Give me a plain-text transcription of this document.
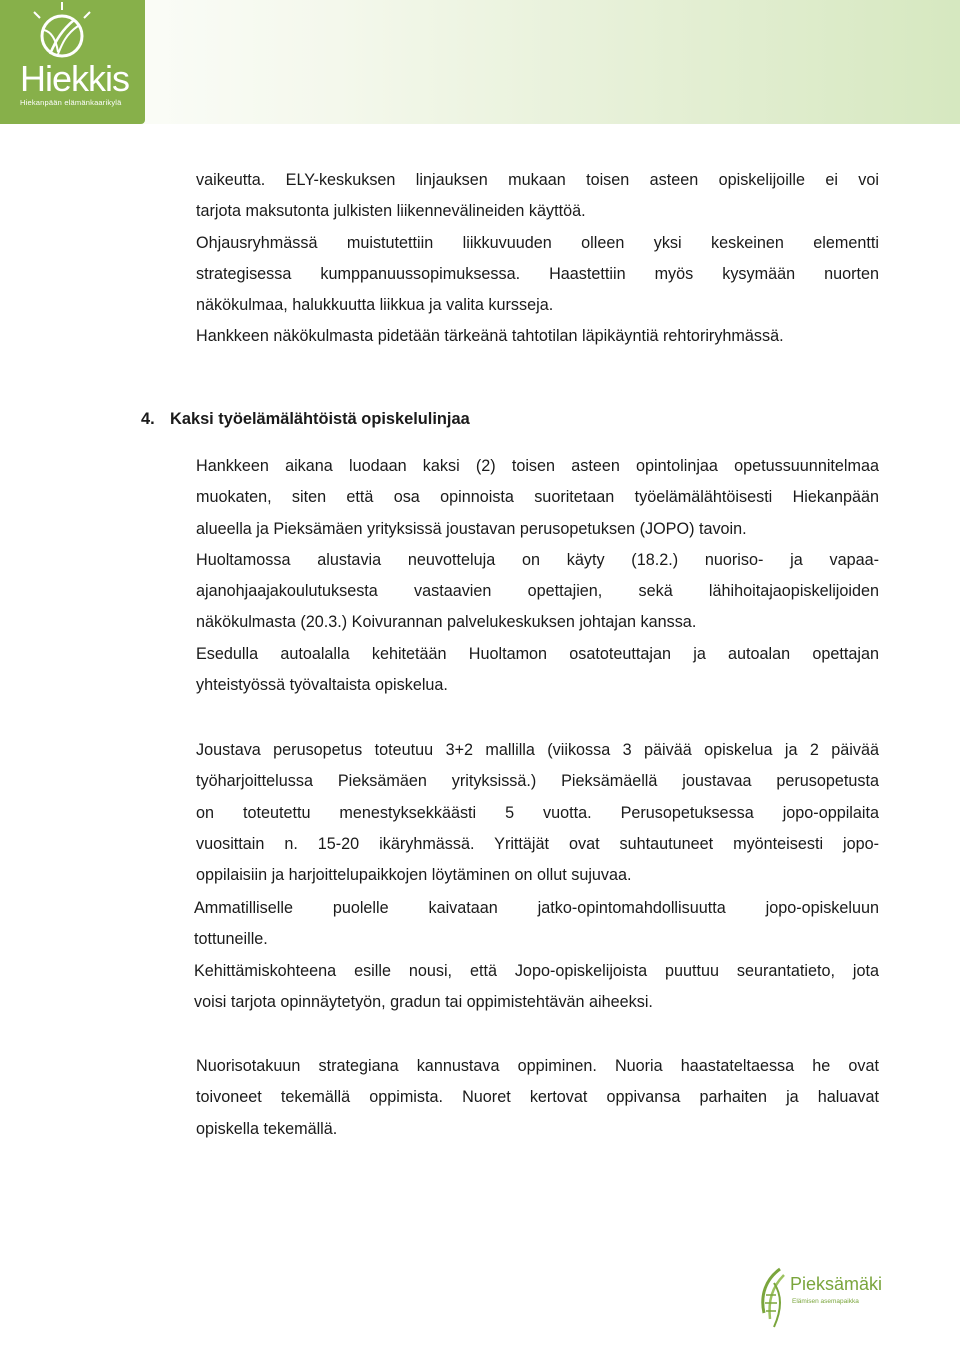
Hiekkis
Hiekanpään elämänkaarikylä

vaikeutta. ELY-keskuksen linjauksen mukaan toisen asteen opiskelijoille ei voi
tarjota maksutonta julkisten liikennevälineiden käyttöä.

Ohjausryhmässä muistutettiin liikkuvuuden olleen yksi keskeinen elementti
strategisessa kumppanuussopimuksessa. Haastettiin myös kysymään nuorten
näkökulmaa, halukkuutta liikkua ja valita kursseja.

Hankkeen näkökulmasta pidetään tärkeänä tahtotilan läpikäyntiä rehtoriryhmässä.

4. Kaksi työelämälähtöistä opiskelulinjaa

Hankkeen aikana luodaan kaksi (2) toisen asteen opintolinjaa opetussuunnitelmaa
muokaten, siten että osa opinnoista suoritetaan työelämälähtöisesti Hiekanpään
alueella ja Pieksämäen yrityksissä joustavan perusopetuksen (JOPO) tavoin.

Huoltamossa alustavia neuvotteluja on käyty (18.2.) nuoriso- ja vapaa-
ajanohjaajakoulutuksesta vastaavien opettajien, sekä lähihoitajaopiskelijoiden
näkökulmasta (20.3.) Koivurannan palvelukeskuksen johtajan kanssa.

Esedulla autoalalla kehitetään Huoltamon osatoteuttajan ja autoalan opettajan
yhteistyössä työvaltaista opiskelua.

Joustava perusopetus toteutuu 3+2 mallilla (viikossa 3 päivää opiskelua ja 2 päivää
työharjoittelussa Pieksämäen yrityksissä.) Pieksämäellä joustavaa perusopetusta
on toteutettu menestyksekkäästi 5 vuotta. Perusopetuksessa jopo-oppilaita
vuosittain n. 15-20 ikäryhmässä. Yrittäjät ovat suhtautuneet myönteisesti jopo-
oppilaisiin ja harjoittelupaikkojen löytäminen on ollut sujuvaa.

Ammatilliselle puolelle kaivataan jatko-opintomahdollisuutta jopo-opiskeluun
tottuneille.

Kehittämiskohteena esille nousi, että Jopo-opiskelijoista puuttuu seurantatieto, jota
voisi tarjota opinnäytetyön, gradun tai oppimistehtävän aiheeksi.

Nuorisotakuun strategiana kannustava oppiminen. Nuoria haastateltaessa he ovat
toivoneet tekemällä oppimista. Nuoret kertovat oppivansa parhaiten ja haluavat
opiskella tekemällä.

Pieksämäki
Elämisen asemapaikka
